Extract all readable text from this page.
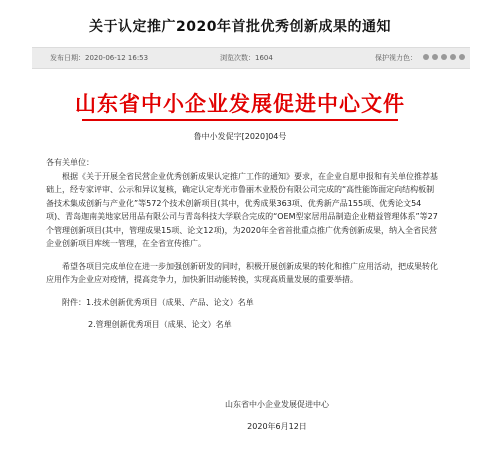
关于认定推广2020年首批优秀创新成果的通知
发布日期：2020-06-12 16:53	浏览次数：1604	保护视力色：
山东省中小企业发展促进中心文件
鲁中小发促字[2020]04号

各有关单位：

根据《关于开展全省民营企业优秀创新成果认定推广工作的通知》要求，在企业自愿申报和有关单位推荐基础上，经专家评审、公示和异议复核，确定认定寿光市鲁丽木业股份有限公司完成的“高性能饰面定向结构板制备技术集成创新与产业化”等572个技术创新项目(其中，优秀成果363项、优秀新产品155项、优秀论文54项)、青岛迦南美地家居用品有限公司与青岛科技大学联合完成的“OEM型家居用品制造企业精益管理体系”等27个管理创新项目(其中，管理成果15项、论文12项)，为2020年全省首批重点推广优秀创新成果，纳入全省民营企业创新项目库统一管理，在全省宣传推广。

希望各项目完成单位在进一步加强创新研发的同时，积极开展创新成果的转化和推广应用活动，把成果转化应用作为企业应对疫情，提高竞争力，加快新旧动能转换，实现高质量发展的重要举措。

附件：1.技术创新优秀项目（成果、产品、论文）名单

2.管理创新优秀项目（成果、论文）名单

山东省中小企业发展促进中心
2020年6月12日
